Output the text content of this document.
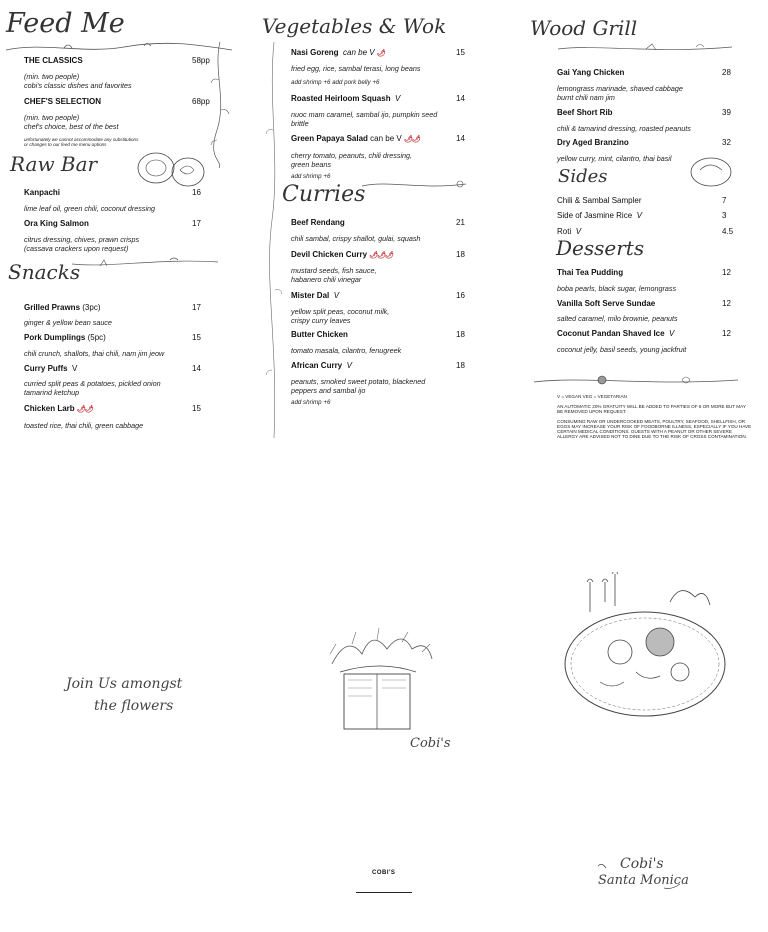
Feed Me
THE CLASSICS	58pp
(min. two people)
cobi's classic dishes and favorites
CHEF'S SELECTION	68pp
(min. two people)
chef's choice, best of the best
unfortunately we cannot accommodate any substitutions
or changes to our feed me menu options
Raw Bar
Kanpachi	16
lime leaf oil, green chili, coconut dressing
Ora King Salmon	17
citrus dressing, chives, prawn crisps
(cassava crackers upon request)
Snacks
Grilled Prawns (3pc)	17
ginger & yellow bean sauce
Pork Dumplings (5pc)	15
chili crunch, shallots, thai chili, nam jim jeow
Curry Puffs V	14
curried split peas & potatoes, pickled onion
tamarind ketchup
Chicken Larb 🌶🌶	15
toasted rice, thai chili, green cabbage
Vegetables & Wok
Nasi Goreng can be V 🌶	15
fried egg, rice, sambal terasi, long beans
add shrimp +6 add pork belly +6
Roasted Heirloom Squash V	14
nuoc mam caramel, sambal ijo, pumpkin seed
brittle
Green Papaya Salad can be V 🌶🌶	14
cherry tomato, peanuts, chili dressing,
green beans
add shrimp +6
Curries
Beef Rendang	21
chili sambal, crispy shallot, gulai, squash
Devil Chicken Curry 🌶🌶🌶	18
mustard seeds, fish sauce,
habanero chili vinegar
Mister Dal V	16
yellow split peas, coconut milk,
crispy curry leaves
Butter Chicken	18
tomato masala, cilantro, fenugreek
African Curry V	18
peanuts, smoked sweet potato, blackened
peppers and sambal ijo
add shrimp +6
Wood Grill
Gai Yang Chicken	28
lemongrass marinade, shaved cabbage
burnt chili nam jim
Beef Short Rib	39
chili & tamarind dressing, roasted peanuts
Dry Aged Branzino	32
yellow curry, mint, cilantro, thai basil
Sides
Chili & Sambal Sampler	7
Side of Jasmine Rice V	3
Roti V	4.5
Desserts
Thai Tea Pudding	12
boba pearls, black sugar, lemongrass
Vanilla Soft Serve Sundae	12
salted caramel, milo brownie, peanuts
Coconut Pandan Shaved Ice V	12
coconut jelly, basil seeds, young jackfruit
V = VEGAN VEG = VEGETARIAN
AN AUTOMATIC 20% GRATUITY WILL BE ADDED TO PARTIES OF 6 OR MORE BUT MAY
BE REMOVED UPON REQUEST.
CONSUMING RAW OR UNDERCOOKED MEATS, POULTRY, SEAFOOD, SHELLFISH, OR
EGGS MAY INCREASE YOUR RISK OF FOODBORNE ILLNESS, ESPECIALLY IF YOU HAVE
CERTAIN MEDICAL CONDITIONS. GUESTS WITH A PEANUT OR OTHER SEVERE
ALLERGY ARE ADVISED NOT TO DINE DUE TO THE RISK OF CROSS CONTAMINATION.
Join Us amongst
the flowers
Cobi's
COBI'S
Cobi's
Santa Monica
